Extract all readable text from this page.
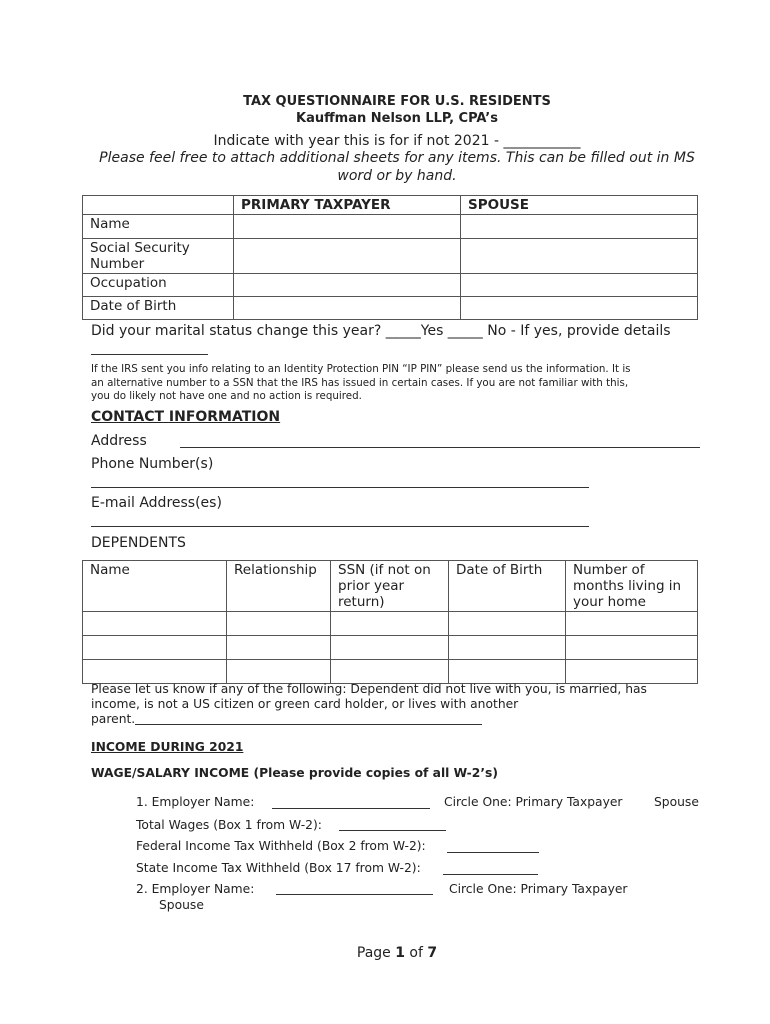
TAX QUESTIONNAIRE FOR U.S. RESIDENTS
Kauffman Nelson LLP, CPA’s
Indicate with year this is for if not 2021 - ___________
Please feel free to attach additional sheets for any items. This can be filled out in MS
word or by hand.
	PRIMARY TAXPAYER	SPOUSE
Name		
Social Security Number		
Occupation		
Date of Birth		
Did your marital status change this year? _____Yes _____ No - If yes, provide details
If the IRS sent you info relating to an Identity Protection PIN “IP PIN” please send us the information. It is
an alternative number to a SSN that the IRS has issued in certain cases. If you are not familiar with this,
you do likely not have one and no action is required.
CONTACT INFORMATION
Address
Phone Number(s)
E-mail Address(es)
DEPENDENTS
Name	Relationship	SSN (if not on prior year return)	Date of Birth	Number of months living in your home

Please let us know if any of the following: Dependent did not live with you, is married, has
income, is not a US citizen or green card holder, or lives with another
parent.
INCOME DURING 2021
WAGE/SALARY INCOME (Please provide copies of all W-2’s)
1. Employer Name:	Circle One: Primary Taxpayer	Spouse
Total Wages (Box 1 from W-2):
Federal Income Tax Withheld (Box 2 from W-2):
State Income Tax Withheld (Box 17 from W-2):
2. Employer Name:	Circle One: Primary Taxpayer
Spouse
Page 1 of 7
